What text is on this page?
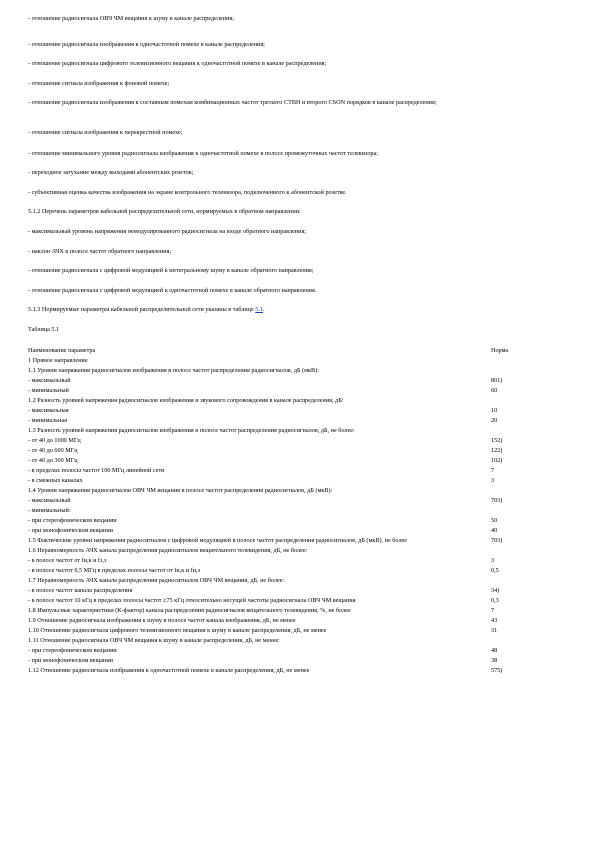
- отношение радиосигнала ОВЧ ЧМ вещания к шуму в канале распределения;
- отношение радиосигнала изображения к одночастотной помехе в канале распределения;
- отношение радиосигнала цифрового телевизионного вещания к одночастотной помехе в канале распределения;
- отношение сигнала изображения к фоновой помехе;
- отношение радиосигнала изображения к составным помехам комбинационных частот третьего СТВН и второго CSON порядков в канале распределения;
- отношение сигнала изображения к перекрестной помехе;
- отношение минимального уровня радиосигнала изображения к одночастотной помехе в полосе промежуточных частот телевизора;
- переходное затухание между выходами абонентских розеток;
- субъективная оценка качества изображения на экране контрольного телевизора, подключенного к абонентской розетке.
5.1.2 Перечень параметров кабельной распределительной сети, нормируемых в обратном направлении:
- максимальный уровень напряжения немодулированного радиосигнала на входе обратного направления;
- наклон АЧХ в полосе частот обратного направления;
- отношение радиосигнала с цифровой модуляцией к интегральному шуму в канале обратного направления;
- отношение радиосигнала с цифровой модуляцией к одночастотной помехе в канале обратного направления.
5.1.3 Нормируемые параметры кабельной распределительной сети указаны в таблице 5.1.
Таблица 5.1
Наименование параметра	Норма
1 Прямое направление
1.1 Уровни напряжения радиосигналов изображения в полосе частот распределения радиосигналов, дБ (мкВ):
- максимальный	801)
- минимальный	60
1.2 Разность уровней напряжения радиосигналов изображения и звукового сопровождения в канале распределения, дБ:
- максимальная	10
- минимальная	20
1.3 Разность уровней напряжения радиосигналов изображения в полосе частот распределения радиосигналов, дБ, не более:
- от 40 до 1000 МГц	152)
- от 40 до 600 МГц	122)
- от 40 до 300 МГц	102)
- в пределах полосы частот 100 МГц линейной сети	7
- в смежных каналах	3
1.4 Уровни напряжения радиосигналов ОВЧ ЧМ вещания в полосе частот распределения радиосигналов, дБ (мкВ):
- максимальный	703)
- минимальный:
- при стереофоническом вещании	50
- при монофоническом вещании	40
1.5 Фактические уровни напряжения радиосигналов с цифровой модуляцией в полосе частот распределения радиосигналов, дБ (мкВ), не более	703)
1.6 Неравномерность АЧХ канала распределения радиосигналов вещательного телевидения, дБ, не более:
- в полосе частот от fи,к и fз,з	3
- в полосе частот 0,5 МГц в пределах полосы частот от fи,к и fи,з	0,5
1.7 Неравномерность АЧХ канала распределения радиосигналов ОВЧ ЧМ вещания, дБ, не более:
- в полосе частот канала распределения	34)
- в полосе частот 10 кГц в пределах полосы частот ±75 кГц относительно несущей частоты радиосигнала ОВЧ ЧМ вещания	0,3
1.8 Импульсные характеристики (K-фактор) канала распределения радиосигналов вещательного телевидения, %, не более	7
1.9 Отношение радиосигнала изображения к шуму в полосе частот канала изображения, дБ, не менее	43
1.10 Отношение радиосигнала цифрового телевизионного вещания к шуму в канале распределения, дБ, не менее	31
1.11 Отношение радиосигнала ОВЧ ЧМ вещания к шуму в канале распределения, дБ, не менее:
- при стереофоническом вещании	48
- при монофоническом вещании	38
1.12 Отношение радиосигнала изображения к одночастотной помехе в канале распределения, дБ, не менее	575)
